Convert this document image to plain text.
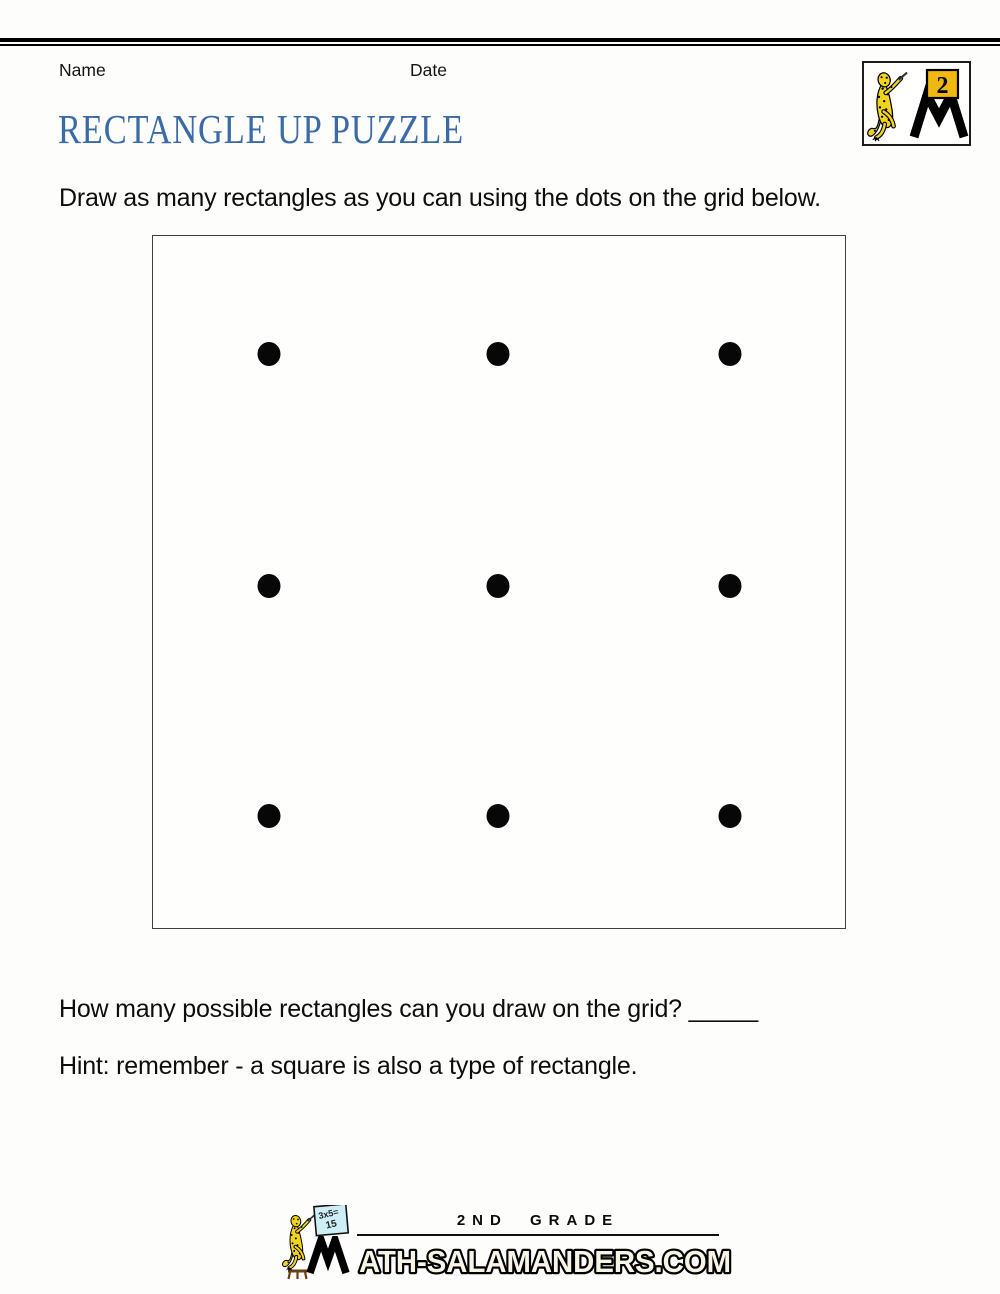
Name	Date
2
RECTANGLE UP PUZZLE

Draw as many rectangles as you can using the dots on the grid below.

How many possible rectangles can you draw on the grid? _____

Hint: remember - a square is also a type of rectangle.

3x5=
15	2ND GRADE
ATH-SALAMANDERS.COM
